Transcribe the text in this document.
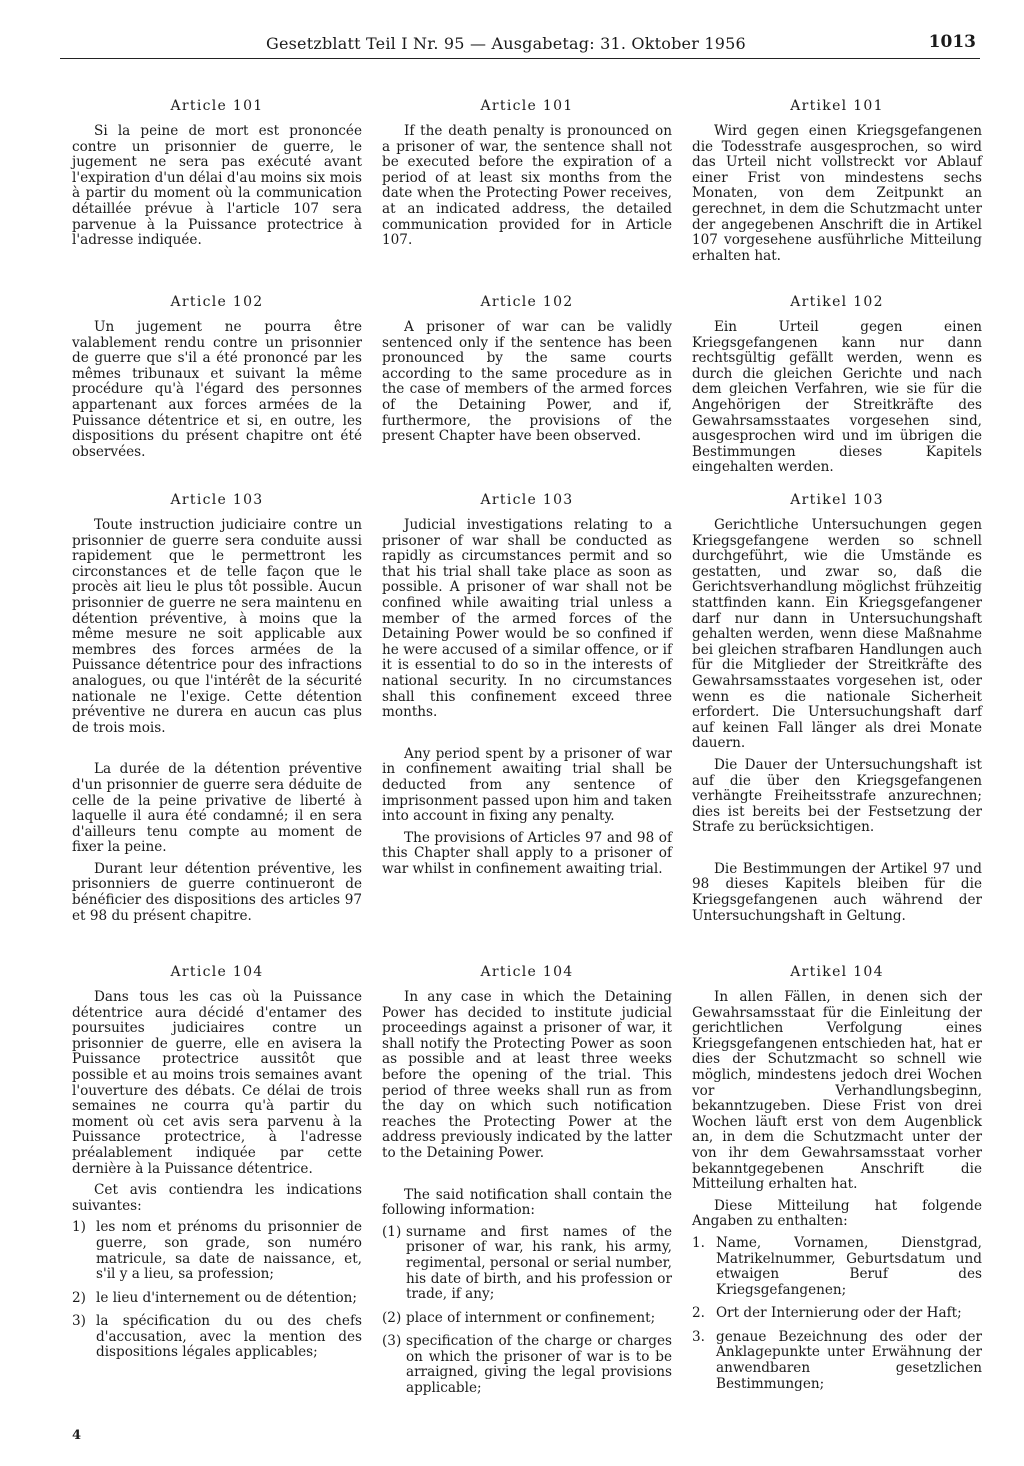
Gesetzblatt Teil I Nr. 95 — Ausgabetag: 31. Oktober 1956	1013
Article 101

Si la peine de mort est prononcée contre un prisonnier de guerre, le jugement ne sera pas exécuté avant l'expiration d'un délai d'au moins six mois à partir du moment où la communication détaillée prévue à l'article 107 sera parvenue à la Puissance protectrice à l'adresse indiquée.

Article 102

Un jugement ne pourra être valablement rendu contre un prisonnier de guerre que s'il a été prononcé par les mêmes tribunaux et suivant la même procédure qu'à l'égard des personnes appartenant aux forces armées de la Puissance détentrice et si, en outre, les dispositions du présent chapitre ont été observées.

Article 103

Toute instruction judiciaire contre un prisonnier de guerre sera conduite aussi rapidement que le permettront les circonstances et de telle façon que le procès ait lieu le plus tôt possible. Aucun prisonnier de guerre ne sera maintenu en détention préventive, à moins que la même mesure ne soit applicable aux membres des forces armées de la Puissance détentrice pour des infractions analogues, ou que l'intérêt de la sécurité nationale ne l'exige. Cette détention préventive ne durera en aucun cas plus de trois mois.

La durée de la détention préventive d'un prisonnier de guerre sera déduite de celle de la peine privative de liberté à laquelle il aura été condamné; il en sera d'ailleurs tenu compte au moment de fixer la peine.

Durant leur détention préventive, les prisonniers de guerre continueront de bénéficier des dispositions des articles 97 et 98 du présent chapitre.

Article 104

Dans tous les cas où la Puissance détentrice aura décidé d'entamer des poursuites judiciaires contre un prisonnier de guerre, elle en avisera la Puissance protectrice aussitôt que possible et au moins trois semaines avant l'ouverture des débats. Ce délai de trois semaines ne courra qu'à partir du moment où cet avis sera parvenu à la Puissance protectrice, à l'adresse préalablement indiquée par cette dernière à la Puissance détentrice.

Cet avis contiendra les indications suivantes:

1) les nom et prénoms du prisonnier de guerre, son grade, son numéro matricule, sa date de naissance, et, s'il y a lieu, sa profession;
2) le lieu d'internement ou de détention;
3) la spécification du ou des chefs d'accusation, avec la mention des dispositions légales applicables;
Article 101

If the death penalty is pronounced on a prisoner of war, the sentence shall not be executed before the expiration of a period of at least six months from the date when the Protecting Power receives, at an indicated address, the detailed communication provided for in Article 107.

Article 102

A prisoner of war can be validly sentenced only if the sentence has been pronounced by the same courts according to the same procedure as in the case of members of the armed forces of the Detaining Power, and if, furthermore, the provisions of the present Chapter have been observed.

Article 103

Judicial investigations relating to a prisoner of war shall be conducted as rapidly as circumstances permit and so that his trial shall take place as soon as possible. A prisoner of war shall not be confined while awaiting trial unless a member of the armed forces of the Detaining Power would be so confined if he were accused of a similar offence, or if it is essential to do so in the interests of national security. In no circumstances shall this confinement exceed three months.

Any period spent by a prisoner of war in confinement awaiting trial shall be deducted from any sentence of imprisonment passed upon him and taken into account in fixing any penalty.

The provisions of Articles 97 and 98 of this Chapter shall apply to a prisoner of war whilst in confinement awaiting trial.

Article 104

In any case in which the Detaining Power has decided to institute judicial proceedings against a prisoner of war, it shall notify the Protecting Power as soon as possible and at least three weeks before the opening of the trial. This period of three weeks shall run as from the day on which such notification reaches the Protecting Power at the address previously indicated by the latter to the Detaining Power.

The said notification shall contain the following information:

(1) surname and first names of the prisoner of war, his rank, his army, regimental, personal or serial number, his date of birth, and his profession or trade, if any;
(2) place of internment or confinement;
(3) specification of the charge or charges on which the prisoner of war is to be arraigned, giving the legal provisions applicable;
Artikel 101

Wird gegen einen Kriegsgefangenen die Todesstrafe ausgesprochen, so wird das Urteil nicht vollstreckt vor Ablauf einer Frist von mindestens sechs Monaten, von dem Zeitpunkt an gerechnet, in dem die Schutzmacht unter der angegebenen Anschrift die in Artikel 107 vorgesehene ausführliche Mitteilung erhalten hat.

Artikel 102

Ein Urteil gegen einen Kriegsgefangenen kann nur dann rechtsgültig gefällt werden, wenn es durch die gleichen Gerichte und nach dem gleichen Verfahren, wie sie für die Angehörigen der Streitkräfte des Gewahrsamsstaates vorgesehen sind, ausgesprochen wird und im übrigen die Bestimmungen dieses Kapitels eingehalten werden.

Artikel 103

Gerichtliche Untersuchungen gegen Kriegsgefangene werden so schnell durchgeführt, wie die Umstände es gestatten, und zwar so, daß die Gerichtsverhandlung möglichst frühzeitig stattfinden kann. Ein Kriegsgefangener darf nur dann in Untersuchungshaft gehalten werden, wenn diese Maßnahme bei gleichen strafbaren Handlungen auch für die Mitglieder der Streitkräfte des Gewahrsamsstaates vorgesehen ist, oder wenn es die nationale Sicherheit erfordert. Die Untersuchungshaft darf auf keinen Fall länger als drei Monate dauern.

Die Dauer der Untersuchungshaft ist auf die über den Kriegsgefangenen verhängte Freiheitsstrafe anzurechnen; dies ist bereits bei der Festsetzung der Strafe zu berücksichtigen.

Die Bestimmungen der Artikel 97 und 98 dieses Kapitels bleiben für die Kriegsgefangenen auch während der Untersuchungshaft in Geltung.

Artikel 104

In allen Fällen, in denen sich der Gewahrsamsstaat für die Einleitung der gerichtlichen Verfolgung eines Kriegsgefangenen entschieden hat, hat er dies der Schutzmacht so schnell wie möglich, mindestens jedoch drei Wochen vor Verhandlungsbeginn, bekanntzugeben. Diese Frist von drei Wochen läuft erst von dem Augenblick an, in dem die Schutzmacht unter der von ihr dem Gewahrsamsstaat vorher bekanntgegebenen Anschrift die Mitteilung erhalten hat.

Diese Mitteilung hat folgende Angaben zu enthalten:

1. Name, Vornamen, Dienstgrad, Matrikelnummer, Geburtsdatum und etwaigen Beruf des Kriegsgefangenen;
2. Ort der Internierung oder der Haft;
3. genaue Bezeichnung des oder der Anklagepunkte unter Erwähnung der anwendbaren gesetzlichen Bestimmungen;
4
